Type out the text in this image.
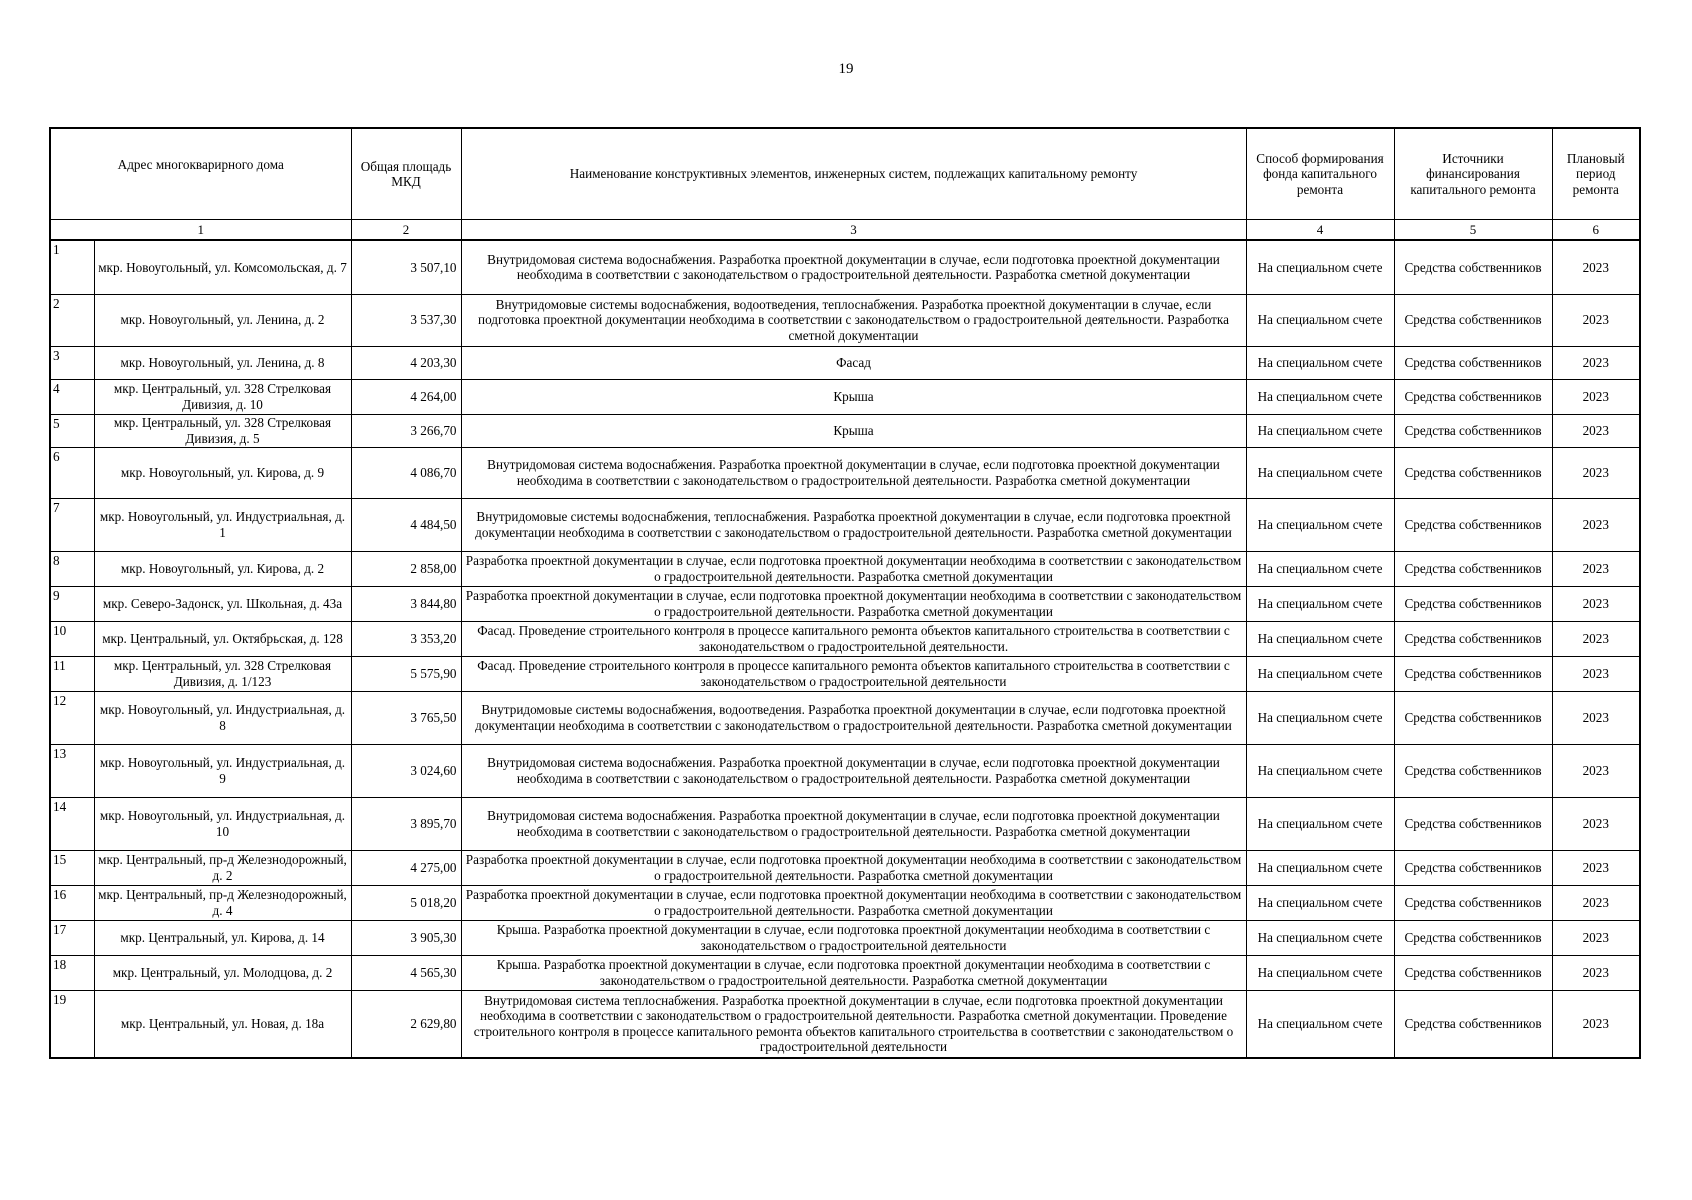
19
Адрес многокварирного дома		Общая площадь МКД	Наименование конструктивных элементов, инженерных систем, подлежащих капитальному ремонту	Способ формирования фонда капитального ремонта	Источники финансирования капитального ремонта	Плановый период ремонта
1		2	3	4	5	6
1	мкр. Новоугольный, ул. Комсомольская, д. 7	3 507,10	Внутридомовая система водоснабжения. Разработка проектной документации в случае, если подготовка проектной документации необходима в соответствии с законодательством о градостроительной деятельности. Разработка сметной документации	На специальном счете	Средства собственников	2023
2	мкр. Новоугольный, ул. Ленина, д. 2	3 537,30	Внутридомовые системы водоснабжения, водоотведения, теплоснабжения. Разработка проектной документации в случае, если подготовка проектной документации необходима в соответствии с законодательством о градостроительной деятельности. Разработка сметной документации	На специальном счете	Средства собственников	2023
3	мкр. Новоугольный, ул. Ленина, д. 8	4 203,30	Фасад	На специальном счете	Средства собственников	2023
4	мкр. Центральный, ул. 328 Стрелковая Дивизия, д. 10	4 264,00	Крыша	На специальном счете	Средства собственников	2023
5	мкр. Центральный, ул. 328 Стрелковая Дивизия, д. 5	3 266,70	Крыша	На специальном счете	Средства собственников	2023
6	мкр. Новоугольный, ул. Кирова, д. 9	4 086,70	Внутридомовая система водоснабжения. Разработка проектной документации в случае, если подготовка проектной документации необходима в соответствии с законодательством о градостроительной деятельности. Разработка сметной документации	На специальном счете	Средства собственников	2023
7	мкр. Новоугольный, ул. Индустриальная, д. 1	4 484,50	Внутридомовые системы водоснабжения, теплоснабжения. Разработка проектной документации в случае, если подготовка проектной документации необходима в соответствии с законодательством о градостроительной деятельности. Разработка сметной документации	На специальном счете	Средства собственников	2023
8	мкр. Новоугольный, ул. Кирова, д. 2	2 858,00	Разработка проектной документации в случае, если подготовка проектной документации необходима в соответствии с законодательством о градостроительной деятельности. Разработка сметной документации	На специальном счете	Средства собственников	2023
9	мкр. Северо-Задонск, ул. Школьная, д. 43а	3 844,80	Разработка проектной документации в случае, если подготовка проектной документации необходима в соответствии с законодательством о градостроительной деятельности. Разработка сметной документации	На специальном счете	Средства собственников	2023
10	мкр. Центральный, ул. Октябрьская, д. 128	3 353,20	Фасад. Проведение строительного контроля в процессе капитального ремонта объектов капитального строительства в соответствии с законодательством о градостроительной деятельности.	На специальном счете	Средства собственников	2023
11	мкр. Центральный, ул. 328 Стрелковая Дивизия, д. 1/123	5 575,90	Фасад. Проведение строительного контроля в процессе капитального ремонта объектов капитального строительства в соответствии с законодательством о градостроительной деятельности	На специальном счете	Средства собственников	2023
12	мкр. Новоугольный, ул. Индустриальная, д. 8	3 765,50	Внутридомовые системы водоснабжения, водоотведения. Разработка проектной документации в случае, если подготовка проектной документации необходима в соответствии с законодательством о градостроительной деятельности. Разработка сметной документации	На специальном счете	Средства собственников	2023
13	мкр. Новоугольный, ул. Индустриальная, д. 9	3 024,60	Внутридомовая система водоснабжения. Разработка проектной документации в случае, если подготовка проектной документации необходима в соответствии с законодательством о градостроительной деятельности. Разработка сметной документации	На специальном счете	Средства собственников	2023
14	мкр. Новоугольный, ул. Индустриальная, д. 10	3 895,70	Внутридомовая система водоснабжения. Разработка проектной документации в случае, если подготовка проектной документации необходима в соответствии с законодательством о градостроительной деятельности. Разработка сметной документации	На специальном счете	Средства собственников	2023
15	мкр. Центральный, пр-д Железнодорожный, д. 2	4 275,00	Разработка проектной документации в случае, если подготовка проектной документации необходима в соответствии с законодательством о градостроительной деятельности. Разработка сметной документации	На специальном счете	Средства собственников	2023
16	мкр. Центральный, пр-д Железнодорожный, д. 4	5 018,20	Разработка проектной документации в случае, если подготовка проектной документации необходима в соответствии с законодательством о градостроительной деятельности. Разработка сметной документации	На специальном счете	Средства собственников	2023
17	мкр. Центральный, ул. Кирова, д. 14	3 905,30	Крыша. Разработка проектной документации в случае, если подготовка проектной документации необходима в соответствии с законодательством о градостроительной деятельности	На специальном счете	Средства собственников	2023
18	мкр. Центральный, ул. Молодцова, д. 2	4 565,30	Крыша. Разработка проектной документации в случае, если подготовка проектной документации необходима в соответствии с законодательством о градостроительной деятельности. Разработка сметной документации	На специальном счете	Средства собственников	2023
19	мкр. Центральный, ул. Новая, д. 18а	2 629,80	Внутридомовая система теплоснабжения. Разработка проектной документации в случае, если подготовка проектной документации необходима в соответствии с законодательством о градостроительной деятельности. Разработка сметной документации. Проведение строительного контроля в процессе капитального ремонта объектов капитального строительства в соответствии с законодательством о градостроительной деятельности	На специальном счете	Средства собственников	2023
